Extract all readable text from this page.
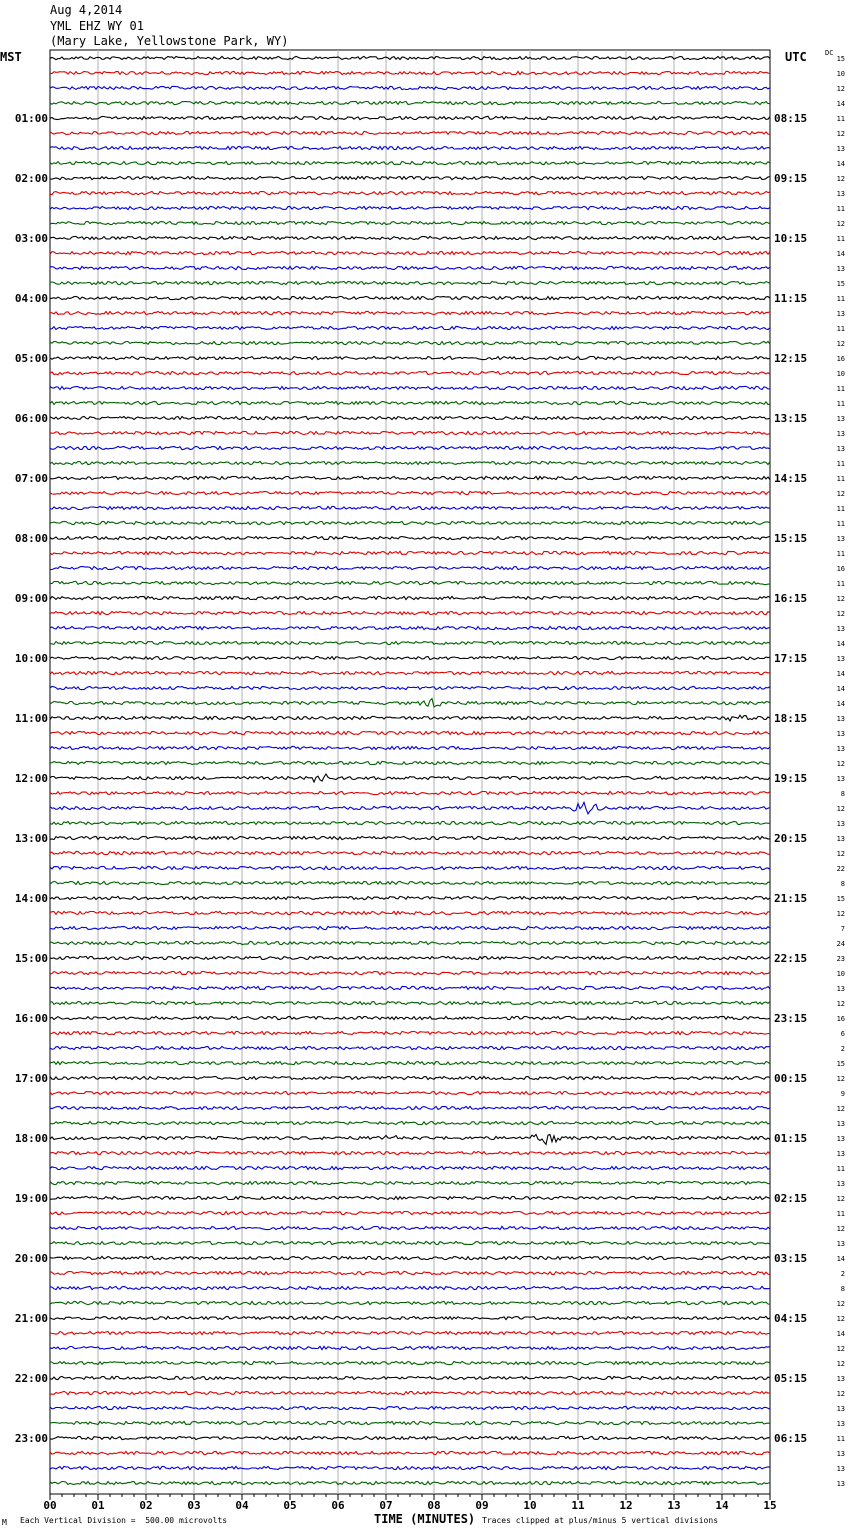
Aug 4,2014
YML EHZ WY 01
(Mary Lake, Yellowstone Park, WY)
MST	UTC	DC
00	01	02	03	04	05	06	07	08	09	10	11	12	13	14	15
15
10
12
14
11
12
13
14
12
13
11
12
11
14
13
15
11
13
11
12
16
10
11
11
13
13
13
11
11
12
11
11
13
11
16
11
12
12
13
14
13
14
14
14
13
13
13
12
13
8
12
13
13
12
22
8
15
12
7
24
23
10
13
12
16
6
2
15
12
9
12
13
13
13
11
13
12
11
12
13
14
2
8
12
12
14
12
12
13
12
13
13
11
13
13
13
01:00
02:00
03:00
04:00
05:00
06:00
07:00
08:00
09:00
10:00
11:00
12:00
13:00
14:00
15:00
16:00
17:00
18:00
19:00
20:00
21:00
22:00
23:00
08:15
09:15
10:15
11:15
12:15
13:15
14:15
15:15
16:15
17:15
18:15
19:15
20:15
21:15
22:15
23:15
00:15
01:15
02:15
03:15
04:15
05:15
06:15
TIME (MINUTES)
M Each Vertical Division =  500.00 microvolts	Traces clipped at plus/minus 5 vertical divisions
